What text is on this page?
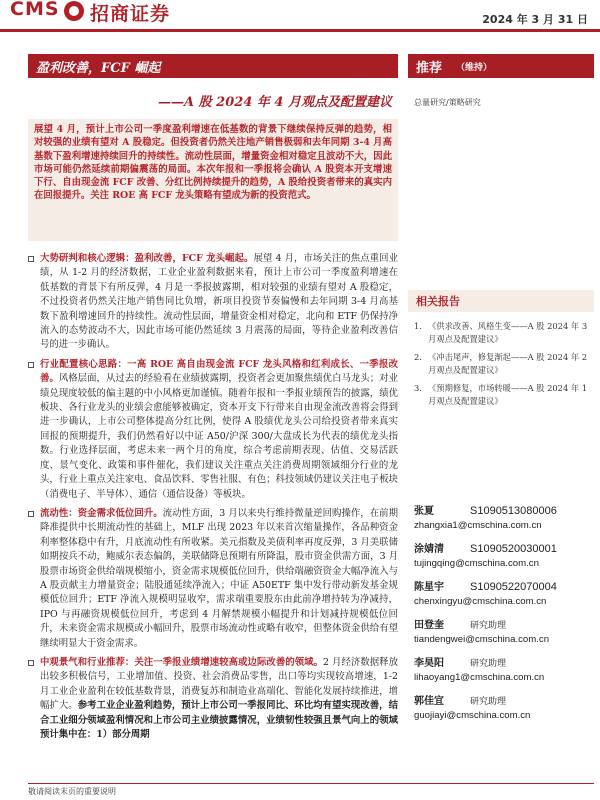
CMS 招商证券	2024 年 3 月 31 日
盈利改善，FCF 崛起	推荐 （维持）
——A 股 2024 年 4 月观点及配置建议	总量研究/策略研究

展望 4 月，预计上市公司一季度盈利增速在低基数的背景下继续保持反弹的趋势，相对较强的业绩有望对 A 股稳定。但投资者仍然关注地产销售极弱和去年同期 3-4 月高基数下盈利增速持续回升的持续性。流动性层面，增量资金相对稳定且波动不大，因此市场可能仍然延续前期偏震荡的局面。本次年报和一季报将会确认 A 股资本开支增速下行、自由现金流 FCF 改善、分红比例持续提升的趋势，A 股给投资者带来的真实内在回报提升。关注 ROE 高 FCF 龙头策略有望成为新的投资范式。

大势研判和核心逻辑：盈利改善，FCF 龙头崛起。展望 4 月，市场关注的焦点重回业绩，从 1-2 月的经济数据，工业企业盈利数据来看，预计上市公司一季度盈利增速在低基数的背景下有所反弹，4 月是一季报披露期，相对较强的业绩有望对 A 股稳定，不过投资者仍然关注地产销售同比负增，新项目投资节奏偏慢和去年同期 3-4 月高基数下盈利增速回升的持续性。流动性层面，增量资金相对稳定，北向和 ETF 仍保持净流入的态势波动不大，因此市场可能仍然延续 3 月震荡的局面，等待企业盈利改善信号的进一步确认。
行业配置核心思路：一高 ROE 高自由现金流 FCF 龙头风格和红利成长、一季报改善。风格层面，从过去的经验看在业绩披露期，投资者会更加聚焦绩优白马龙头；对业绩兑现度较低的偏主题的中小风格更加谨慎。随着年报和一季报业绩预告的披露，绩优板块、各行业龙头的业绩会愈能够被确定，资本开支下行带来自由现金流改善将会得到进一步确认，上市公司整体提高分红比例，使得 A 股绩优龙头公司给投资者带来真实回报的预期提升，我们仍然看好以中证 A50/沪深 300/大盘成长为代表的绩优龙头指数。行业选择层面，考虑未来一两个月的角度，综合考虑前期表现、估值、交易活跃度、景气变化、政策和事件催化，我们建议关注重点关注消费周期领域细分行业的龙头，行业上重点关注家电、食品饮料、零售社服、有色；科技领域仍建议关注电子板块（消费电子、半导体）、通信（通信设备）等板块。
流动性：资金需求低位回升。流动性方面，3 月以来央行维持微量逆回购操作，在前期降准提供中长期流动性的基础上，MLF 出现 2023 年以来首次缩量操作，各品种资金利率整体稳中有升，月底流动性有所收紧。美元指数及美债利率再度反弹，3 月美联储如期按兵不动，鲍威尔表态偏鸽，美联储降息预期有所降温，股市资金供需方面，3 月股票市场资金供给端规模缩小，资金需求规模低位回升，供给端融资资金大幅净流入与 A 股贡献主力增量资金；陆股通延续净流入；中证 A50ETF 集中发行带动新发基金规模低位回升；ETF 净流入规模明显收窄，需求端重要股东由此前净增持转为净减持，IPO 与再融资规模低位回升，考虑到 4 月解禁规模小幅提升和计划减持规模低位回升，未来资金需求规模或小幅回升，股票市场流动性或略有收窄，但整体资金供给有望继续明显大于资金需求。
中观景气和行业推荐：关注一季报业绩增速较高或边际改善的领域。2 月经济数据释放出较多积极信号，工业增加值、投资、社会消费品零售，出口等均实现较高增速，1-2 月工业企业盈利在较低基数背景，消费复苏和制造业高端化、智能化发展持续推进，增幅扩大。参考工业企业盈利趋势，预计上市公司一季报同比、环比均有望实现改善，结合工业细分领域盈利情况和上市公司主业绩披露情况，业绩韧性较强且景气向上的领域预计集中在：1）部分周期
相关报告
1. 《供求改善、风格生变——A 股 2024 年 3 月观点及配置建议》
2. 《冲击尾声，修复渐起——A 股 2024 年 2 月观点及配置建议》
3. 《预期修复，市场转暖——A 股 2024 年 1 月观点及配置建议》
张夏	S1090513080006
zhangxia1@cmschina.com.cn
涂婧清	S1090520030001
tujingqing@cmschina.com.cn
陈星宇	S1090522070004
chenxingyu@cmschina.com.cn
田登奎	研究助理
tiandengwei@cmschina.com.cn
李昊阳	研究助理
lihaoyang1@cmschina.com.cn
郭佳宜	研究助理
guojiayi@cmschina.com.cn
敬请阅读末页的重要说明
